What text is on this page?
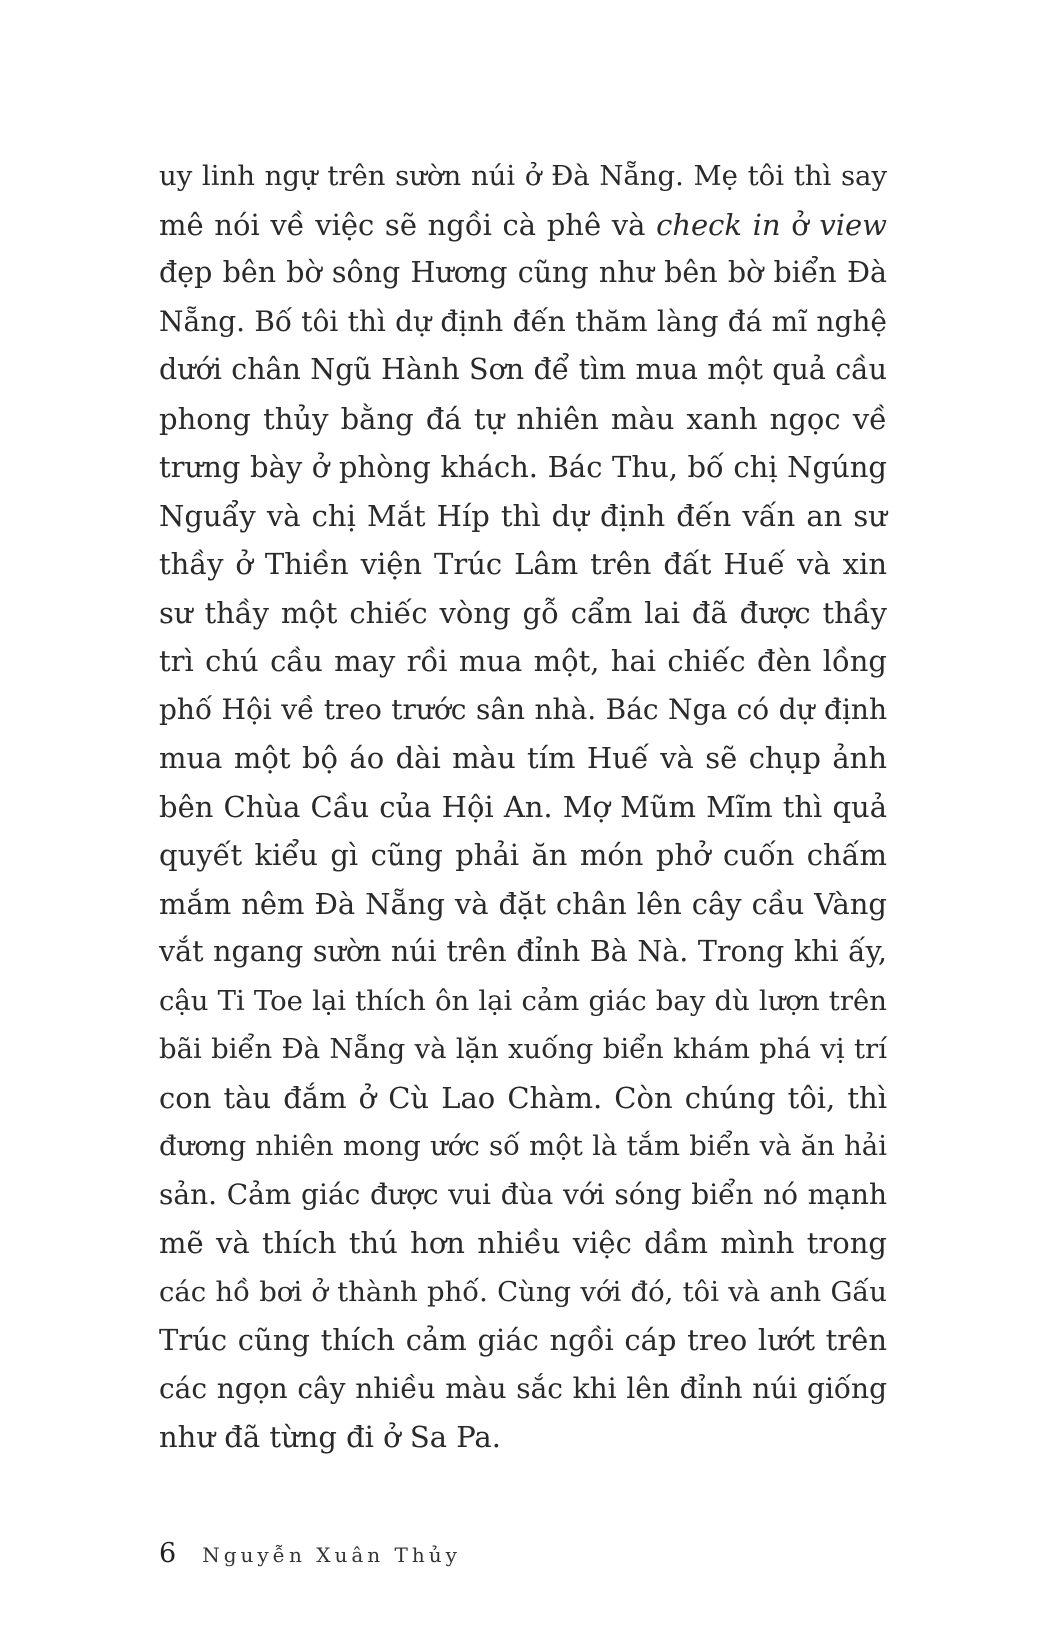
uy linh ngự trên sườn núi ở Đà Nẵng. Mẹ tôi thì say
mê nói về việc sẽ ngồi cà phê và check in ở view
đẹp bên bờ sông Hương cũng như bên bờ biển Đà
Nẵng. Bố tôi thì dự định đến thăm làng đá mĩ nghệ
dưới chân Ngũ Hành Sơn để tìm mua một quả cầu
phong thủy bằng đá tự nhiên màu xanh ngọc về
trưng bày ở phòng khách. Bác Thu, bố chị Ngúng
Nguẩy và chị Mắt Híp thì dự định đến vấn an sư
thầy ở Thiền viện Trúc Lâm trên đất Huế và xin
sư thầy một chiếc vòng gỗ cẩm lai đã được thầy
trì chú cầu may rồi mua một, hai chiếc đèn lồng
phố Hội về treo trước sân nhà. Bác Nga có dự định
mua một bộ áo dài màu tím Huế và sẽ chụp ảnh
bên Chùa Cầu của Hội An. Mợ Mũm Mĩm thì quả
quyết kiểu gì cũng phải ăn món phở cuốn chấm
mắm nêm Đà Nẵng và đặt chân lên cây cầu Vàng
vắt ngang sườn núi trên đỉnh Bà Nà. Trong khi ấy,
cậu Ti Toe lại thích ôn lại cảm giác bay dù lượn trên
bãi biển Đà Nẵng và lặn xuống biển khám phá vị trí
con tàu đắm ở Cù Lao Chàm. Còn chúng tôi, thì
đương nhiên mong ước số một là tắm biển và ăn hải
sản. Cảm giác được vui đùa với sóng biển nó mạnh
mẽ và thích thú hơn nhiều việc dầm mình trong
các hồ bơi ở thành phố. Cùng với đó, tôi và anh Gấu
Trúc cũng thích cảm giác ngồi cáp treo lướt trên
các ngọn cây nhiều màu sắc khi lên đỉnh núi giống
như đã từng đi ở Sa Pa.
6 Nguyễn Xuân Thủy
